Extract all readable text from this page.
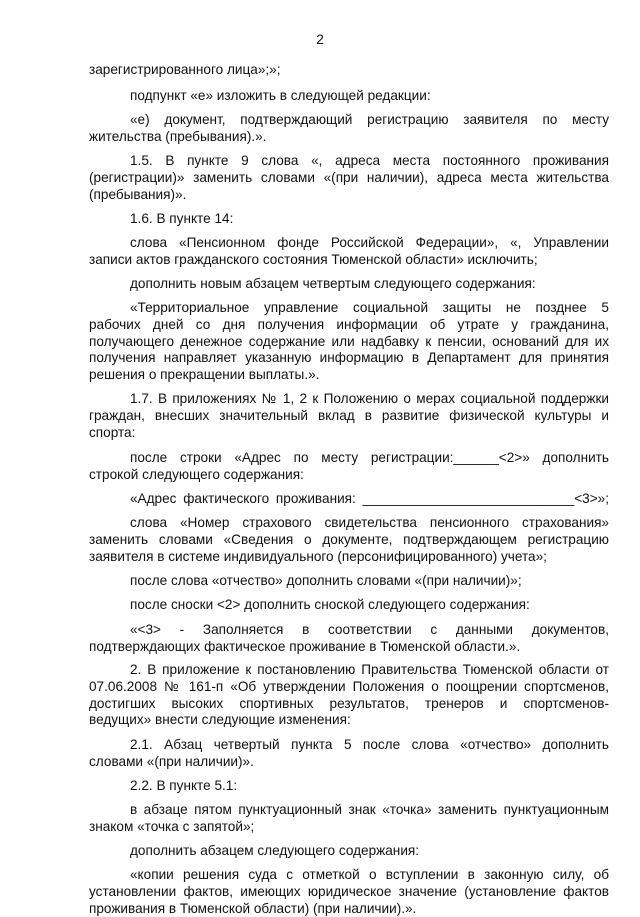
2
зарегистрированного лица»;»;
подпункт «е» изложить в следующей редакции:
«е) документ, подтверждающий регистрацию заявителя по месту
жительства (пребывания).».
1.5. В пункте 9 слова «, адреса места постоянного проживания
(регистрации)» заменить словами «(при наличии), адреса места жительства
(пребывания)».
1.6. В пункте 14:
слова «Пенсионном фонде Российской Федерации», «, Управлении
записи актов гражданского состояния Тюменской области» исключить;
дополнить новым абзацем четвертым следующего содержания:
«Территориальное управление социальной защиты не позднее 5
рабочих дней со дня получения информации об утрате у гражданина,
получающего денежное содержание или надбавку к пенсии, оснований для их
получения направляет указанную информацию в Департамент для принятия
решения о прекращении выплаты.».
1.7. В приложениях № 1, 2 к Положению о мерах социальной поддержки
граждан, внесших значительный вклад в развитие физической культуры и
спорта:
после строки «Адрес по месту регистрации:______<2>» дополнить
строкой следующего содержания:
«Адрес фактического проживания: ____________________________<3>»;
слова «Номер страхового свидетельства пенсионного страхования»
заменить словами «Сведения о документе, подтверждающем регистрацию
заявителя в системе индивидуального (персонифицированного) учета»;
после слова «отчество» дополнить словами «(при наличии)»;
после сноски <2> дополнить сноской следующего содержания:
«<3> - Заполняется в соответствии с данными документов,
подтверждающих фактическое проживание в Тюменской области.».
2. В приложение к постановлению Правительства Тюменской области от
07.06.2008 № 161-п «Об утверждении Положения о поощрении спортсменов,
достигших высоких спортивных результатов, тренеров и спортсменов-
ведущих» внести следующие изменения:
2.1. Абзац четвертый пункта 5 после слова «отчество» дополнить
словами «(при наличии)».
2.2. В пункте 5.1:
в абзаце пятом пунктуационный знак «точка» заменить пунктуационным
знаком «точка с запятой»;
дополнить абзацем следующего содержания:
«копии решения суда с отметкой о вступлении в законную силу, об
установлении фактов, имеющих юридическое значение (установление фактов
проживания в Тюменской области) (при наличии).».
